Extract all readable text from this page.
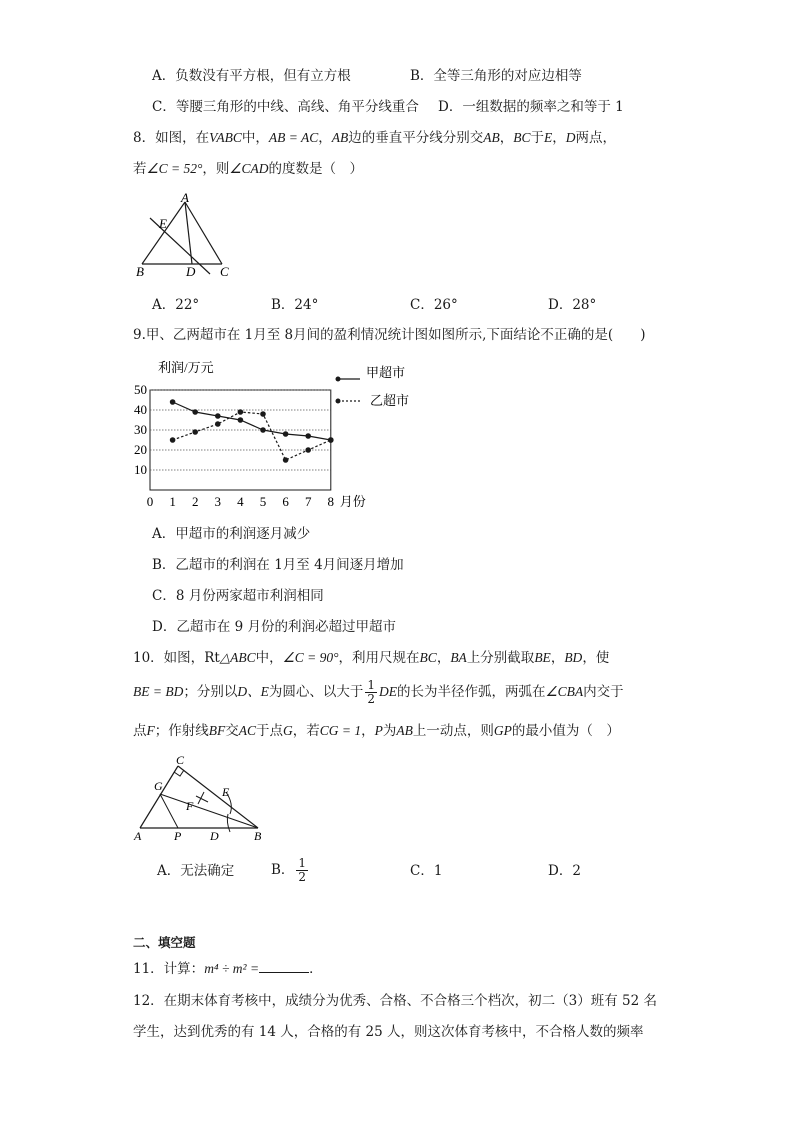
A．负数没有平方根，但有立方根	B．全等三角形的对应边相等
C．等腰三角形的中线、高线、角平分线重合 D．一组数据的频率之和等于 1
8．如图，在VABC中，AB = AC，AB边的垂直平分线分别交AB，BC于E，D两点，
若∠C = 52°，则∠CAD的度数是（　）
A
E
B	D C
A．22°	B．24°	C．26°	D．28°
9.甲、乙两超市在 1月至 8月间的盈利情况统计图如图所示,下面结论不正确的是(　　)
利润/万元
10
20
30
40
50
0 1 2 3 4 5 6 7 8 月份
甲超市
乙超市
A．甲超市的利润逐月减少
B．乙超市的利润在 1月至 4月间逐月增加
C．8 月份两家超市利润相同
D．乙超市在 9 月份的利润必超过甲超市
10．如图，Rt△ABC中，∠C = 90°，利用尺规在BC，BA上分别截取BE，BD，使
BE = BD；分别以D、E为圆心、以大于 $\frac{1}{2}$ DE的长为半径作弧，两弧在∠CBA内交于
点F；作射线BF交AC于点G，若CG = 1，P为AB上一动点，则GP的最小值为（　）
C
G
F
E
A	P D	B
A．无法确定	B． $\frac{1}{2}$	C．1	D．2
二、填空题
11．计算：m⁴ ÷ m² =	．
12．在期末体育考核中，成绩分为优秀、合格、不合格三个档次，初二（3）班有 52 名
学生，达到优秀的有 14 人，合格的有 25 人，则这次体育考核中，不合格人数的频率
